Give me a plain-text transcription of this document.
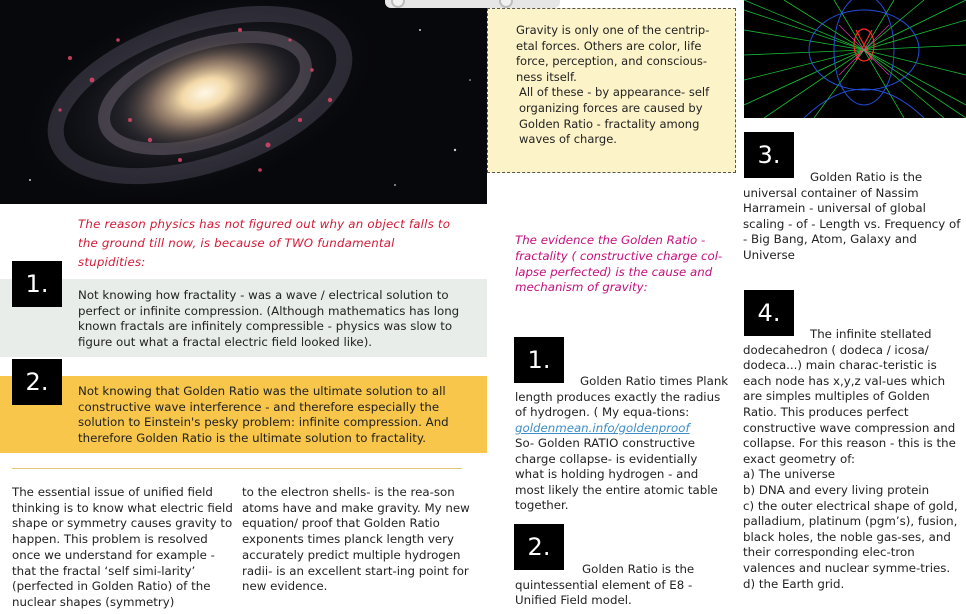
Gravity is only one of the centrip-etal forces. Others are color, life force, perception, and conscious-ness itself.

All of these - by appearance- self organizing forces are caused by Golden Ratio - fractality among waves of charge.

The reason physics has not figured out why an object falls to the ground till now, is because of TWO fundamental stupidities:
1.	Not knowing how fractality - was a wave / electrical solution to perfect or infinite compression. (Although mathematics has long known fractals are infinitely compressible - physics was slow to figure out what a fractal electric field looked like).
2.	Not knowing that Golden Ratio was the ultimate solution to all constructive wave interference - and therefore especially the solution to Einstein's pesky problem: infinite compression. And therefore Golden Ratio is the ultimate solution to fractality.
The essential issue of unified field thinking is to know what electric field shape or symmetry causes gravity to happen. This problem is resolved once we understand for example - that the fractal ‘self simi-larity’ (perfected in Golden Ratio) of the nuclear shapes (symmetry)
to the electron shells- is the rea-son atoms have and make gravity. My new equation/ proof that Golden Ratio exponents times planck length very accurately predict multiple hydrogen radii- is an excellent start-ing point for new evidence.
The evidence the Golden Ratio - fractality ( constructive charge col-lapse perfected) is the cause and mechanism of gravity:
1.
Golden Ratio times Plank length produces exactly the radius of hydrogen. ( My equa-tions: goldenmean.info/goldenproof
So- Golden RATIO constructive charge collapse- is evidentially what is holding hydrogen - and most likely the entire atomic table together.
2.
Golden Ratio is the quintessential element of E8 - Unified Field model.
3.
Golden Ratio is the universal container of Nassim Harramein - universal of global scaling - of - Length vs. Frequency of - Big Bang, Atom, Galaxy and Universe
4.
The infinite stellated dodecahedron ( dodeca / icosa/ dodeca...) main charac-teristic is each node has x,y,z val-ues which are simples multiples of Golden Ratio. This produces perfect constructive wave compression and collapse. For this reason - this is the exact geometry of:
a) The universe
b) DNA and every living protein
c) the outer electrical shape of gold, palladium, platinum (pgm’s), fusion, black holes, the noble gas-ses, and their corresponding elec-tron valences and nuclear symme-tries.
d) the Earth grid.
